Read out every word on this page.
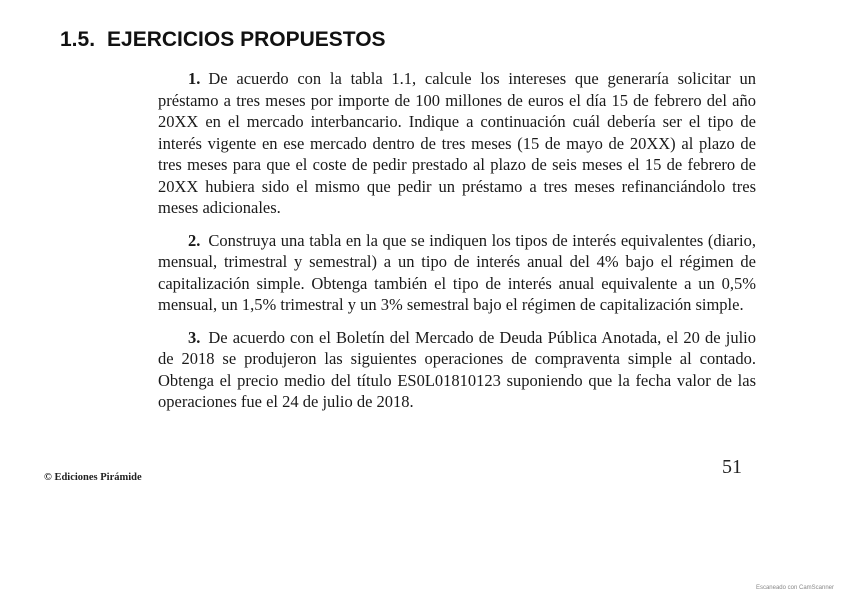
1.5. EJERCICIOS PROPUESTOS

1. De acuerdo con la tabla 1.1, calcule los intereses que generaría solicitar un préstamo a tres meses por importe de 100 millones de euros el día 15 de febrero del año 20XX en el mercado interbancario. Indique a continuación cuál debería ser el tipo de interés vigente en ese mercado dentro de tres meses (15 de mayo de 20XX) al plazo de tres meses para que el coste de pedir prestado al plazo de seis meses el 15 de febrero de 20XX hubiera sido el mismo que pedir un préstamo a tres meses refinanciándolo tres meses adicionales.

2. Construya una tabla en la que se indiquen los tipos de interés equivalentes (diario, mensual, trimestral y semestral) a un tipo de interés anual del 4% bajo el régimen de capitalización simple. Obtenga también el tipo de interés anual equivalente a un 0,5% mensual, un 1,5% trimestral y un 3% semestral bajo el régimen de capitalización simple.

3. De acuerdo con el Boletín del Mercado de Deuda Pública Anotada, el 20 de julio de 2018 se produjeron las siguientes operaciones de compraventa simple al contado. Obtenga el precio medio del título ES0L01810123 suponiendo que la fecha valor de las operaciones fue el 24 de julio de 2018.

© Ediciones Pirámide	51
Escaneado con CamScanner
